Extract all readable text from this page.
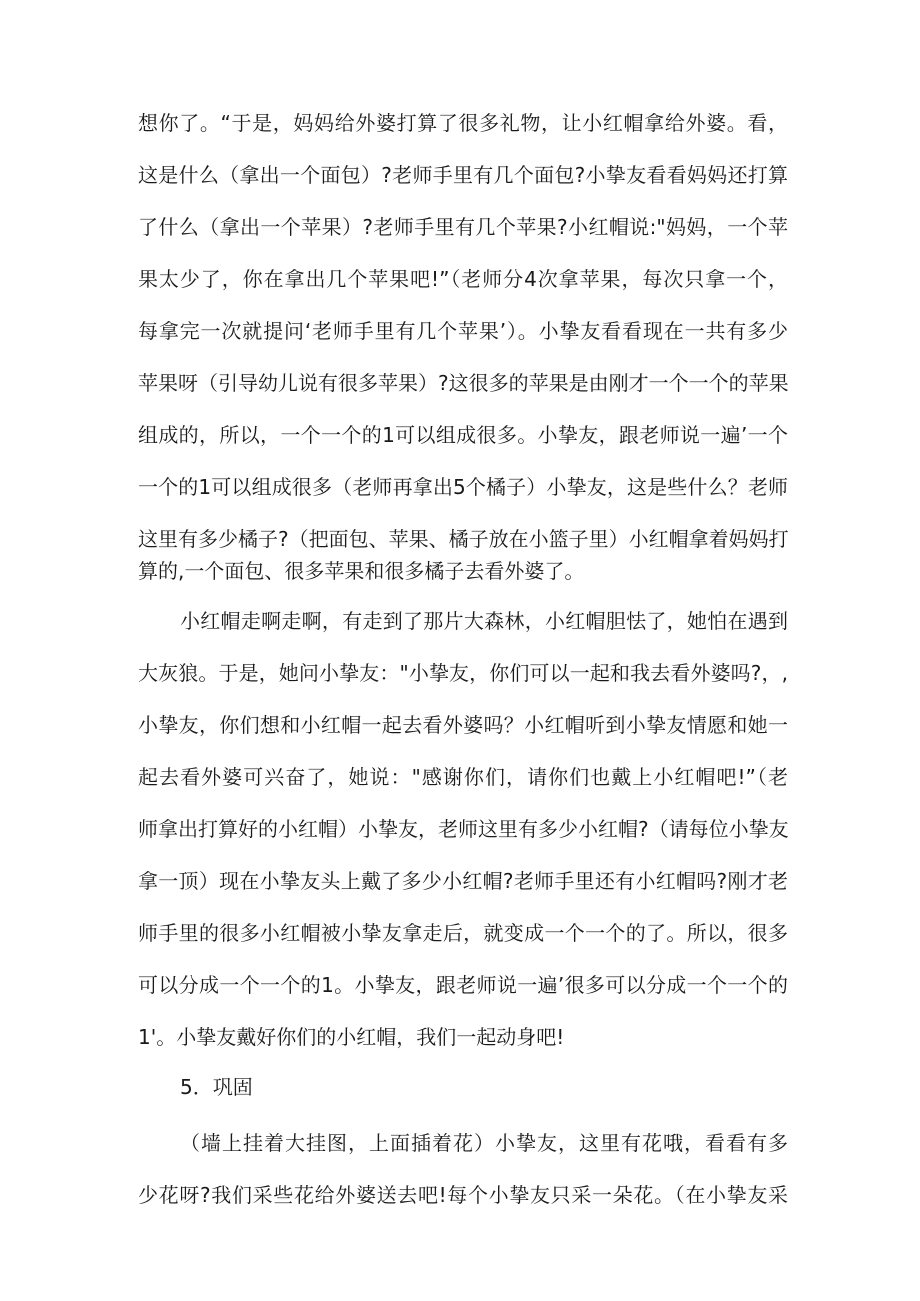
想你了。“于是，妈妈给外婆打算了很多礼物，让小红帽拿给外婆。看，
这是什么（拿出一个面包）?老师手里有几个面包?小挚友看看妈妈还打算
了什么（拿出一个苹果）?老师手里有几个苹果?小红帽说:"妈妈，一个苹
果太少了，你在拿出几个苹果吧!”（老师分4次拿苹果，每次只拿一个，
每拿完一次就提问‘老师手里有几个苹果’）。小挚友看看现在一共有多少
苹果呀（引导幼儿说有很多苹果）?这很多的苹果是由刚才一个一个的苹果
组成的，所以，一个一个的1可以组成很多。小挚友，跟老师说一遍’一个
一个的1可以组成很多（老师再拿出5个橘子）小挚友，这是些什么？老师
这里有多少橘子?（把面包、苹果、橘子放在小篮子里）小红帽拿着妈妈打
算的,一个面包、很多苹果和很多橘子去看外婆了。
小红帽走啊走啊，有走到了那片大森林，小红帽胆怯了，她怕在遇到
大灰狼。于是，她问小挚友："小挚友，你们可以一起和我去看外婆吗?，,
小挚友，你们想和小红帽一起去看外婆吗？小红帽听到小挚友情愿和她一
起去看外婆可兴奋了，她说："感谢你们，请你们也戴上小红帽吧!”（老
师拿出打算好的小红帽）小挚友，老师这里有多少小红帽?（请每位小挚友
拿一顶）现在小挚友头上戴了多少小红帽?老师手里还有小红帽吗?刚才老
师手里的很多小红帽被小挚友拿走后，就变成一个一个的了。所以，很多
可以分成一个一个的1。小挚友，跟老师说一遍’很多可以分成一个一个的
5．巩固
（墙上挂着大挂图，上面插着花）小挚友，这里有花哦，看看有多
少花呀?我们采些花给外婆送去吧!每个小挚友只采一朵花。（在小挚友采
1'。小挚友戴好你们的小红帽，我们一起动身吧!
